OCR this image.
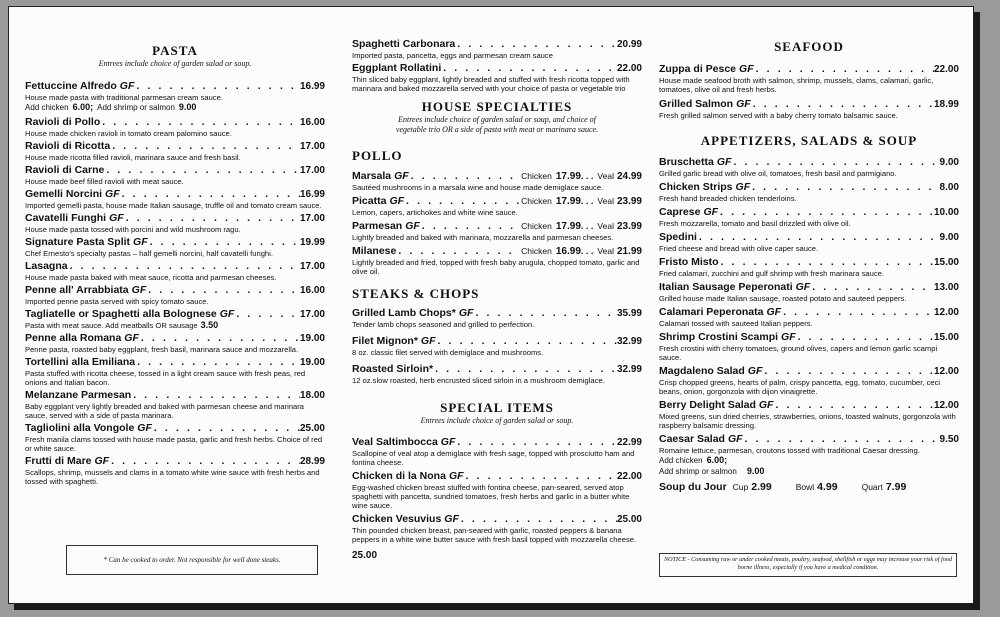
PASTA
Entrees include choice of garden salad or soup.
Fettuccine Alfredo GF . . .	16.99
House made pasta with traditional parmesan cream sauce.
Add chicken 6.00; Add shrimp or salmon 9.00
Ravioli di Pollo . . .	16.00
House made chicken ravioli in tomato cream palomino sauce.
Ravioli di Ricotta . . .	17.00
House made ricotta filled ravioli, marinara sauce and fresh basil.
Ravioli di Carne . . .	17.00
House made beef filled ravioli with meat sauce.
Gemelli Norcini GF . . .	16.99
Imported gemelli pasta, house made Italian sausage, truffle oil and tomato cream sauce.
Cavatelli Funghi GF . . .	17.00
House made pasta tossed with porcini and wild mushroom ragu.
Signature Pasta Split GF . . .	19.99
Chef Ernesto's specialty pastas – half gemelli norcini, half cavatelli funghi.
Lasagna . . .	17.00
House made pasta baked with meat sauce, ricotta and parmesan cheeses.
Penne all' Arrabbiata GF . . .	16.00
Imported penne pasta served with spicy tomato sauce.
Tagliatelle or Spaghetti alla Bolognese GF . . .	17.00
Pasta with meat sauce. Add meatballs OR sausage 3.50
Penne alla Romana GF . . .	19.00
Penne pasta, roasted baby eggplant, fresh basil, marinara sauce and mozzarella.
Tortellini alla Emiliana . . .	19.00
Pasta stuffed with ricotta cheese, tossed in a light cream sauce with fresh peas, red onions and Italian bacon.
Melanzane Parmesan . . .	18.00
Baby eggplant very lightly breaded and baked with parmesan cheese and marinara sauce, served with a side of pasta marinara.
Tagliolini alla Vongole GF . . .	25.00
Fresh manila clams tossed with house made pasta, garlic and fresh herbs. Choice of red or white sauce.
Frutti di Mare GF . . .	28.99
Scallops, shrimp, mussels and clams in a tomato white wine sauce with fresh herbs and tossed with spaghetti.
Spaghetti Carbonara . . .	20.99
Imported pasta, pancetta, eggs and parmesan cream sauce
Eggplant Rollatini . . .	22.00
Thin sliced baby eggplant, lightly breaded and stuffed with fresh ricotta topped with marinara and baked mozzarella served with your choice of pasta or vegetable trio
HOUSE SPECIALTIES
Entrees include choice of garden salad or soup, and choice of vegetable trio OR a side of pasta with meat or marinara sauce.
POLLO
Marsala GF . . .	Chicken 17.99 . . . Veal 24.99
Sautéed mushrooms in a marsala wine and house made demiglace sauce.
Picatta GF . . .	Chicken 17.99 . . . Veal 23.99
Lemon, capers, artichokes and white wine sauce.
Parmesan GF . . .	Chicken 17.99 . . . Veal 23.99
Lightly breaded and baked with marinara, mozzarella and parmesan cheeses.
Milanese . . .	Chicken 16.99 . . . Veal 21.99
Lightly breaded and fried, topped with fresh baby arugula, chopped tomato, garlic and olive oil.
STEAKS & CHOPS
Grilled Lamb Chops* GF . . .	35.99
Tender lamb chops seasoned and grilled to perfection.
Filet Mignon* GF . . .	32.99
8 oz. classic filet served with demiglace and mushrooms.
Roasted Sirloin* . . .	32.99
12 oz.slow roasted, herb encrusted sliced sirloin in a mushroom demiglace.
SPECIAL ITEMS
Entrees include choice of garden salad or soup.
Veal Saltimbocca GF . . .	22.99
Scallopine of veal atop a demiglace with fresh sage, topped with prosciutto ham and fontina cheese.
Chicken di la Nona GF . . .	22.00
Egg-washed chicken breast stuffed with fontina cheese, pan-seared, served atop spaghetti with pancetta, sundried tomatoes, fresh herbs and garlic in a butter white wine sauce.
Chicken Vesuvius GF . . .	25.00
Thin pounded chicken breast, pan-seared with garlic, roasted peppers & banana peppers in a white wine butter sauce with fresh basil topped with mozzarella cheese.
25.00
SEAFOOD
Zuppa di Pesce GF . . .	22.00
House made seafood broth with salmon, shrimp, mussels, clams, calamari, garlic, tomatoes, olive oil and fresh herbs.
Grilled Salmon GF . . .	18.99
Fresh grilled salmon served with a baby cherry tomato balsamic sauce.
APPETIZERS, SALADS & SOUP
Bruschetta GF . . .	9.00
Grilled garlic bread with olive oil, tomatoes, fresh basil and parmigiano.
Chicken Strips GF . . .	8.00
Fresh hand breaded chicken tenderloins.
Caprese GF . . .	10.00
Fresh mozzarella, tomato and basil drizzled with olive oil.
Spedini . . .	9.00
Fried cheese and bread with olive caper sauce.
Fristo Misto . . .	15.00
Fried calamari, zucchini and gulf shrimp with fresh marinara sauce.
Italian Sausage Peperonati GF . . .	13.00
Grilled house made Italian sausage, roasted potato and sauteed peppers.
Calamari Peperonata GF . . .	12.00
Calamari tossed with sauteed Italian peppers.
Shrimp Crostini Scampi GF . . .	15.00
Fresh crostini with cherry tomatoes, ground olives, capers and lemon garlic scampi sauce.
Magdaleno Salad GF . . .	12.00
Crisp chopped greens, hearts of palm, crispy pancetta, egg, tomato, cucumber, ceci beans, onion, gorgonzola with dijon vinaigrette.
Berry Delight Salad GF . . .	12.00
Mixed greens, sun dried cherries, strawberries, onions, toasted walnuts, gorgonzola with raspberry balsamic dressing.
Caesar Salad GF . . .	9.50
Romaine lettuce, parmesan, croutons tossed with traditional Caesar dressing.
Add chicken 6.00;
Add shrimp or salmon 9.00
Soup du Jour Cup 2.99	Bowl 4.99	Quart 7.99
* Can be cooked to order. Not responsible for well done steaks.	NOTICE - Consuming raw or under cooked meats, poultry, seafood, shellfish or eggs may increase your risk of food borne illness, especially if you have a medical condition.
